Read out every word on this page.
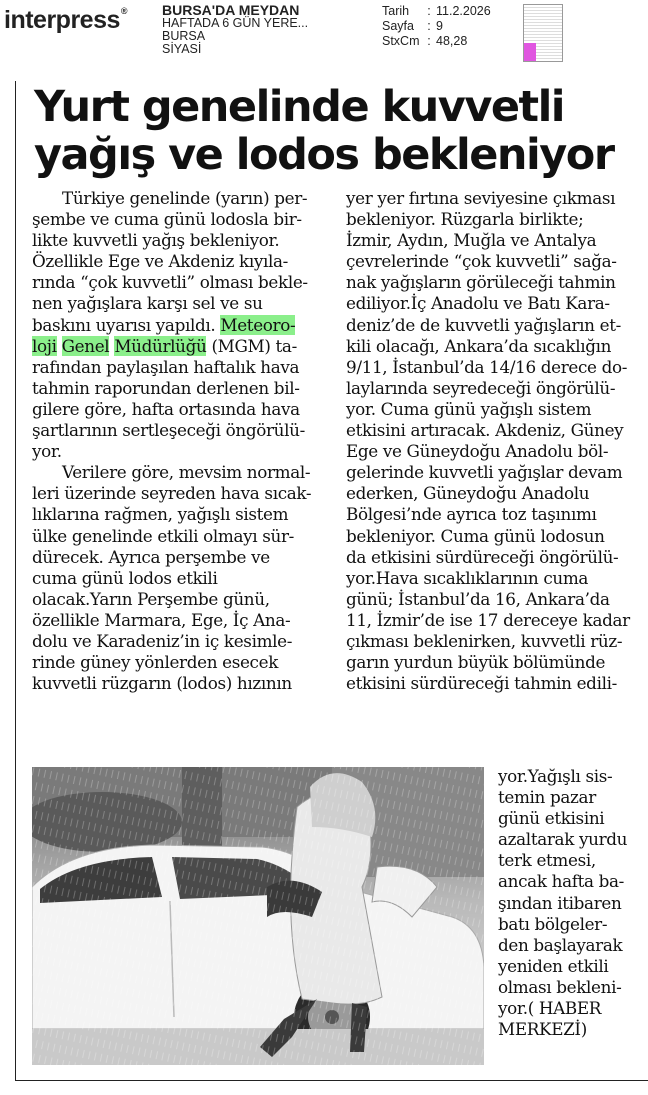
interpress® BURSA'DA MEYDAN
HAFTADA 6 GÜN YERE...
BURSA
SİYASİ
Tarih	: 11.2.2026
Sayfa	: 9
StxCm : 48,28
Yurt genelinde kuvvetli
yağış ve lodos bekleniyor
Türkiye genelinde (yarın) per-
şembe ve cuma günü lodosla bir-
likte kuvvetli yağış bekleniyor.
Özellikle Ege ve Akdeniz kıyıla-
rında “çok kuvvetli” olması beklе-
nen yağışlara karşı sel ve su
baskını uyarısı yapıldı. Meteoro-
loji Genel Müdürlüğü (MGM) ta-
rafından paylaşılan haftalık hava
tahmin raporundan derlenen bil-
gilere göre, hafta ortasında hava
şartlarının sertleşeceği öngörülü-
yor.
Verilere göre, mevsim normal-
leri üzerinde seyreden hava sıcak-
lıklarına rağmen, yağışlı sistem
ülke genelinde etkili olmayı sür-
dürecek. Ayrıca perşembe ve
cuma günü lodos etkili
olacak.Yarın Perşembe günü,
özellikle Marmara, Ege, İç Ana-
dolu ve Karadeniz’in iç kesimle-
rinde güney yönlerden esecek
kuvvetli rüzgarın (lodos) hızının
yer yer fırtına seviyesine çıkması
bekleniyor. Rüzgarla birlikte;
İzmir, Aydın, Muğla ve Antalya
çevrelerinde “çok kuvvetli” sağa-
nak yağışların görüleceği tahmin
ediliyor.İç Anadolu ve Batı Kara-
deniz’de de kuvvetli yağışların et-
kili olacağı, Ankara’da sıcaklığın
9/11, İstanbul’da 14/16 derece do-
laylarında seyredeceği öngörülü-
yor. Cuma günü yağışlı sistem
etkisini artıracak. Akdeniz, Güney
Ege ve Güneydoğu Anadolu böl-
gelerinde kuvvetli yağışlar devam
ederken, Güneydoğu Anadolu
Bölgesi’nde ayrıca toz taşınımı
bekleniyor. Cuma günü lodosun
da etkisini sürdüreceği öngörülü-
yor.Hava sıcaklıklarının cuma
günü; İstanbul’da 16, Ankara’da
11, İzmir’de ise 17 dereceye kadar
çıkması beklenirken, kuvvetli rüz-
garın yurdun büyük bölümünde
etkisini sürdüreceği tahmin edili-
yor.Yağışlı sis-
temin pazar
günü etkisini
azaltarak yurdu
terk etmesi,
ancak hafta ba-
şından itibaren
batı bölgeler-
den başlayarak
yeniden etkili
olması bekleni-
yor.( HABER
MERKEZİ)
